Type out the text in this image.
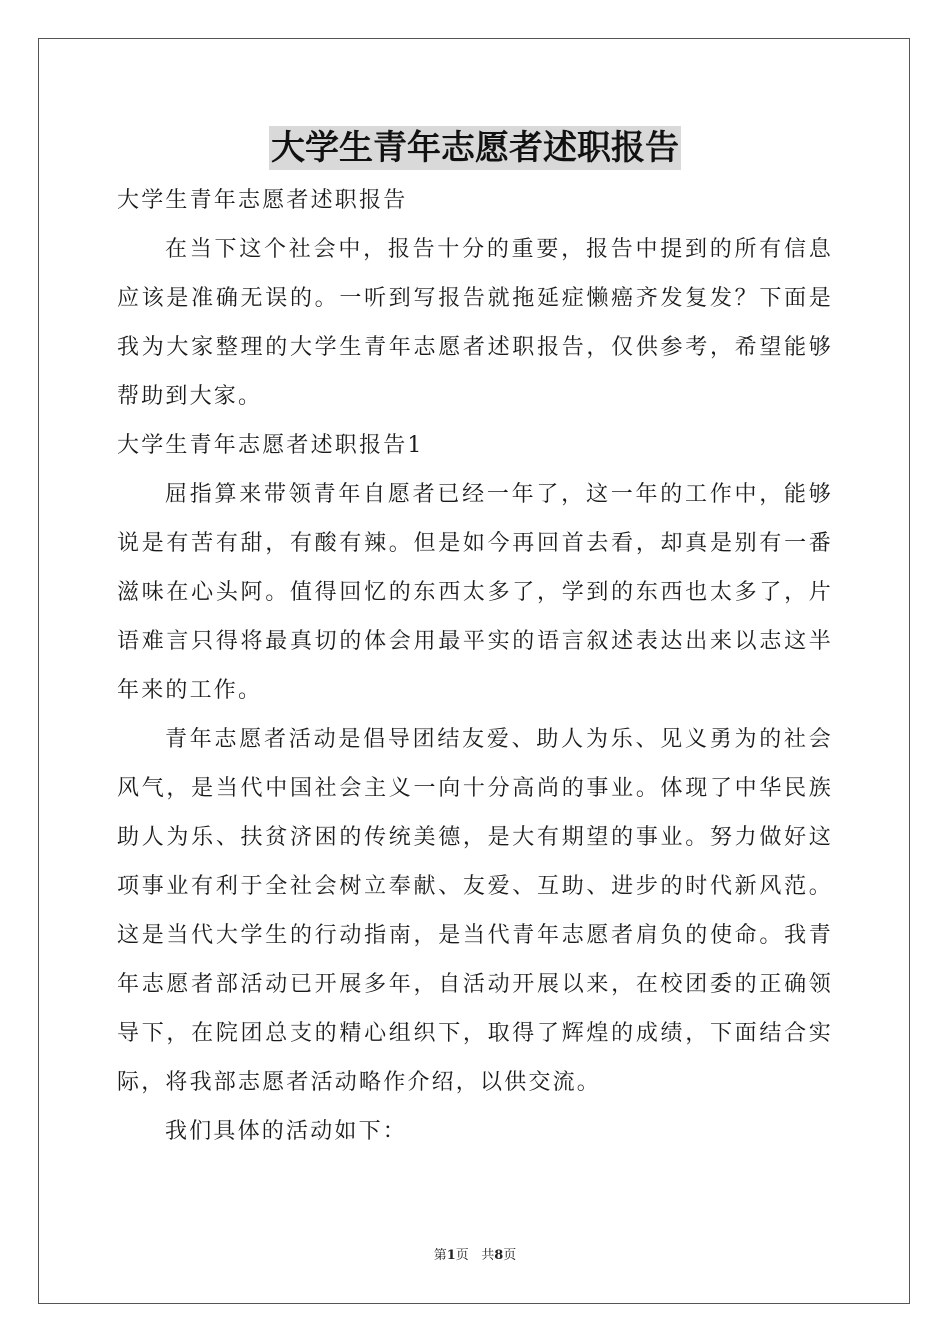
大学生青年志愿者述职报告

大学生青年志愿者述职报告

在当下这个社会中，报告十分的重要，报告中提到的所有信息应该是准确无误的。一听到写报告就拖延症懒癌齐发复发？下面是我为大家整理的大学生青年志愿者述职报告，仅供参考，希望能够帮助到大家。

大学生青年志愿者述职报告1

屈指算来带领青年自愿者已经一年了，这一年的工作中，能够说是有苦有甜，有酸有辣。但是如今再回首去看，却真是别有一番滋味在心头阿。值得回忆的东西太多了，学到的东西也太多了，片语难言只得将最真切的体会用最平实的语言叙述表达出来以志这半年来的工作。

青年志愿者活动是倡导团结友爱、助人为乐、见义勇为的社会风气，是当代中国社会主义一向十分高尚的事业。体现了中华民族助人为乐、扶贫济困的传统美德，是大有期望的事业。努力做好这项事业有利于全社会树立奉献、友爱、互助、进步的时代新风范。这是当代大学生的行动指南，是当代青年志愿者肩负的使命。我青年志愿者部活动已开展多年，自活动开展以来，在校团委的正确领导下，在院团总支的精心组织下，取得了辉煌的成绩，下面结合实际，将我部志愿者活动略作介绍，以供交流。

我们具体的活动如下：

第1页 共8页
